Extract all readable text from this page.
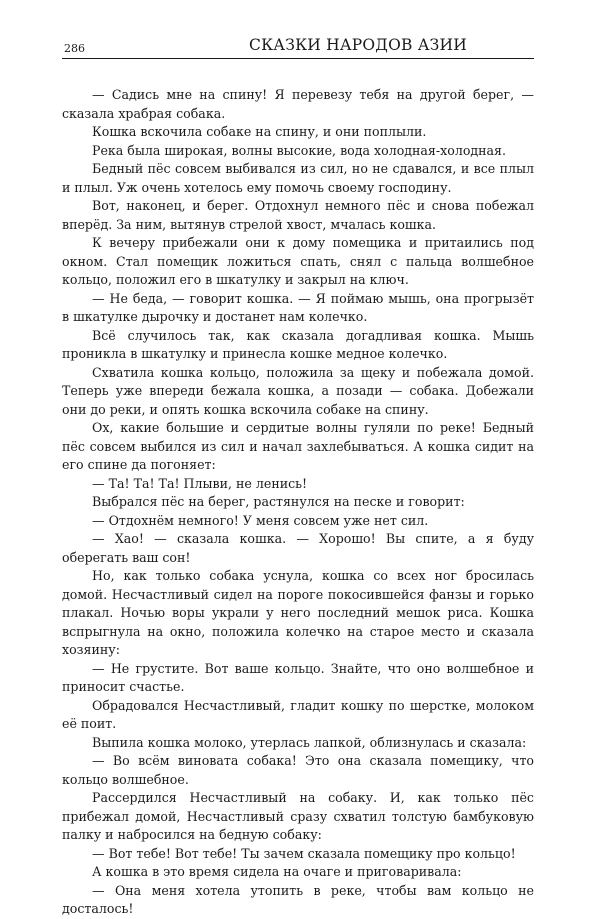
286	СКАЗКИ НАРОДОВ АЗИИ

— Садись мне на спину! Я перевезу тебя на другой берег, — сказала храбрая собака.

Кошка вскочила собаке на спину, и они поплыли.

Река была широкая, волны высокие, вода холодная-холодная.

Бедный пёс совсем выбивался из сил, но не сдавался, и все плыл и плыл. Уж очень хотелось ему помочь своему господину.

Вот, наконец, и берег. Отдохнул немного пёс и снова побежал вперёд. За ним, вытянув стрелой хвост, мчалась кошка.

К вечеру прибежали они к дому помещика и притаились под окном. Стал помещик ложиться спать, снял с пальца волшебное кольцо, положил его в шкатулку и закрыл на ключ.

— Не беда, — говорит кошка. — Я поймаю мышь, она прогрызёт в шкатулке дырочку и достанет нам колечко.

Всё случилось так, как сказала догадливая кошка. Мышь проникла в шкатулку и принесла кошке медное колечко.

Схватила кошка кольцо, положила за щеку и побежала домой. Теперь уже впереди бежала кошка, а позади — собака. Добежали они до реки, и опять кошка вскочила собаке на спину.

Ох, какие большие и сердитые волны гуляли по реке! Бедный пёс совсем выбился из сил и начал захлебываться. А кошка сидит на его спине да погоняет:

— Та! Та! Та! Плыви, не ленись!

Выбрался пёс на берег, растянулся на песке и говорит:

— Отдохнём немного! У меня совсем уже нет сил.

— Хао! — сказала кошка. — Хорошо! Вы спите, а я буду оберегать ваш сон!

Но, как только собака уснула, кошка со всех ног бросилась домой. Несчастливый сидел на пороге покосившейся фанзы и горько плакал. Ночью воры украли у него последний мешок риса. Кошка вспрыгнула на окно, положила колечко на старое место и сказала хозяину:

— Не грустите. Вот ваше кольцо. Знайте, что оно волшебное и приносит счастье.

Обрадовался Несчастливый, гладит кошку по шерстке, молоком её поит.

Выпила кошка молоко, утерлась лапкой, облизнулась и сказала:

— Во всём виновата собака! Это она сказала помещику, что кольцо волшебное.

Рассердился Несчастливый на собаку. И, как только пёс прибежал домой, Несчастливый сразу схватил толстую бамбуковую палку и набросился на бедную собаку:

— Вот тебе! Вот тебе! Ты зачем сказала помещику про кольцо!

А кошка в это время сидела на очаге и приговаривала:

— Она меня хотела утопить в реке, чтобы вам кольцо не досталось!
